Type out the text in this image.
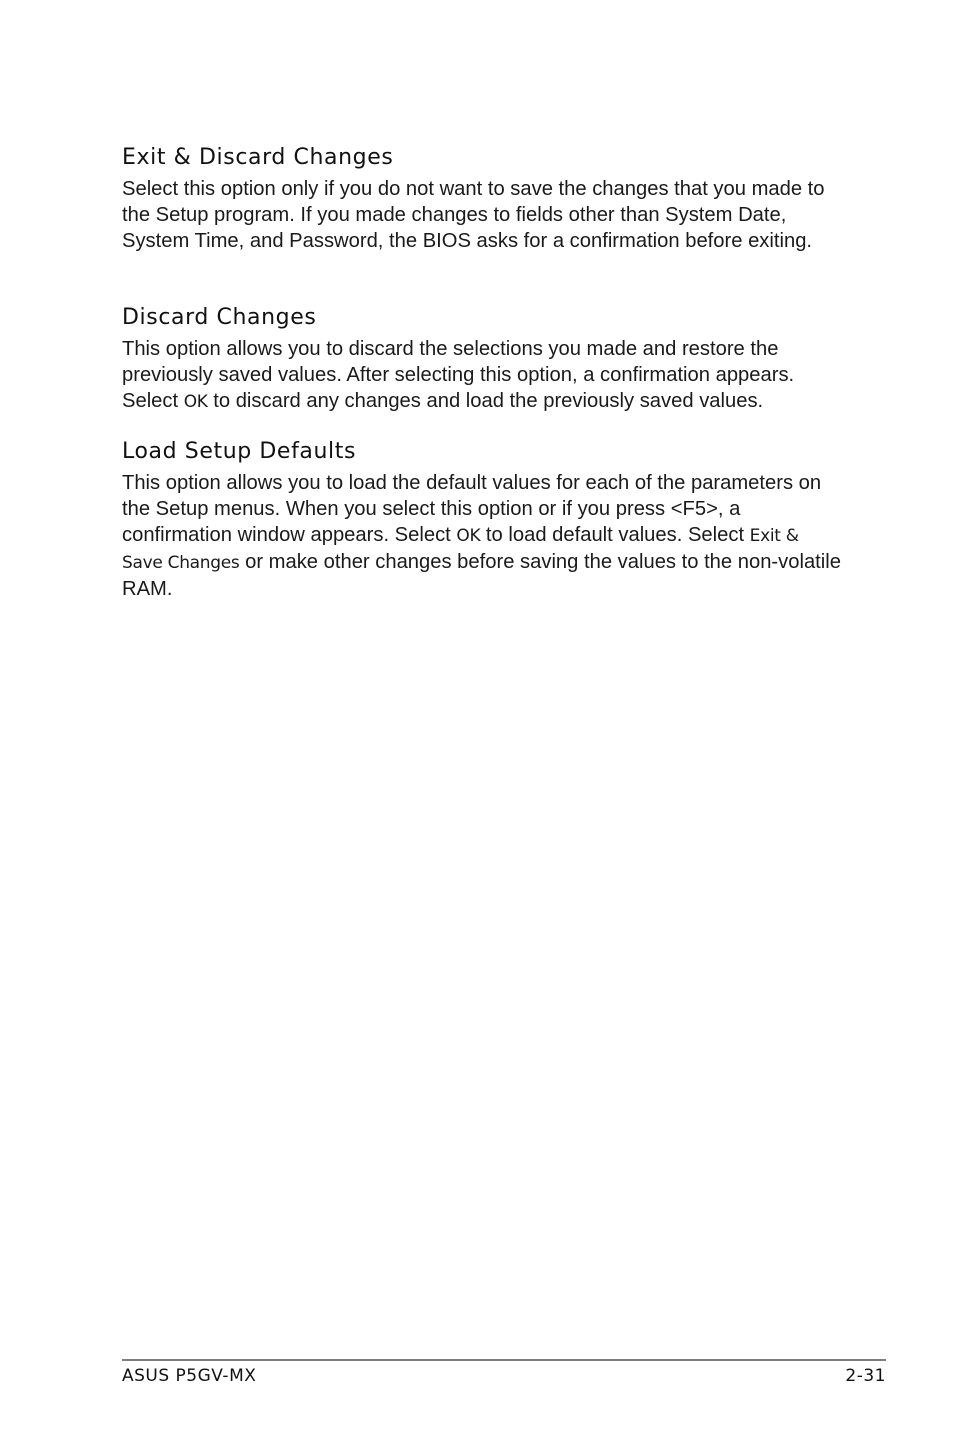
Exit & Discard Changes

Select this option only if you do not want to save the changes that you made to the Setup program. If you made changes to fields other than System Date, System Time, and Password, the BIOS asks for a confirmation before exiting.

Discard Changes

This option allows you to discard the selections you made and restore the previously saved values. After selecting this option, a confirmation appears. Select OK to discard any changes and load the previously saved values.

Load Setup Defaults

This option allows you to load the default values for each of the parameters on the Setup menus. When you select this option or if you press <F5>, a confirmation window appears. Select OK to load default values. Select Exit & Save Changes or make other changes before saving the values to the non-volatile RAM.

ASUS P5GV-MX	2-31
